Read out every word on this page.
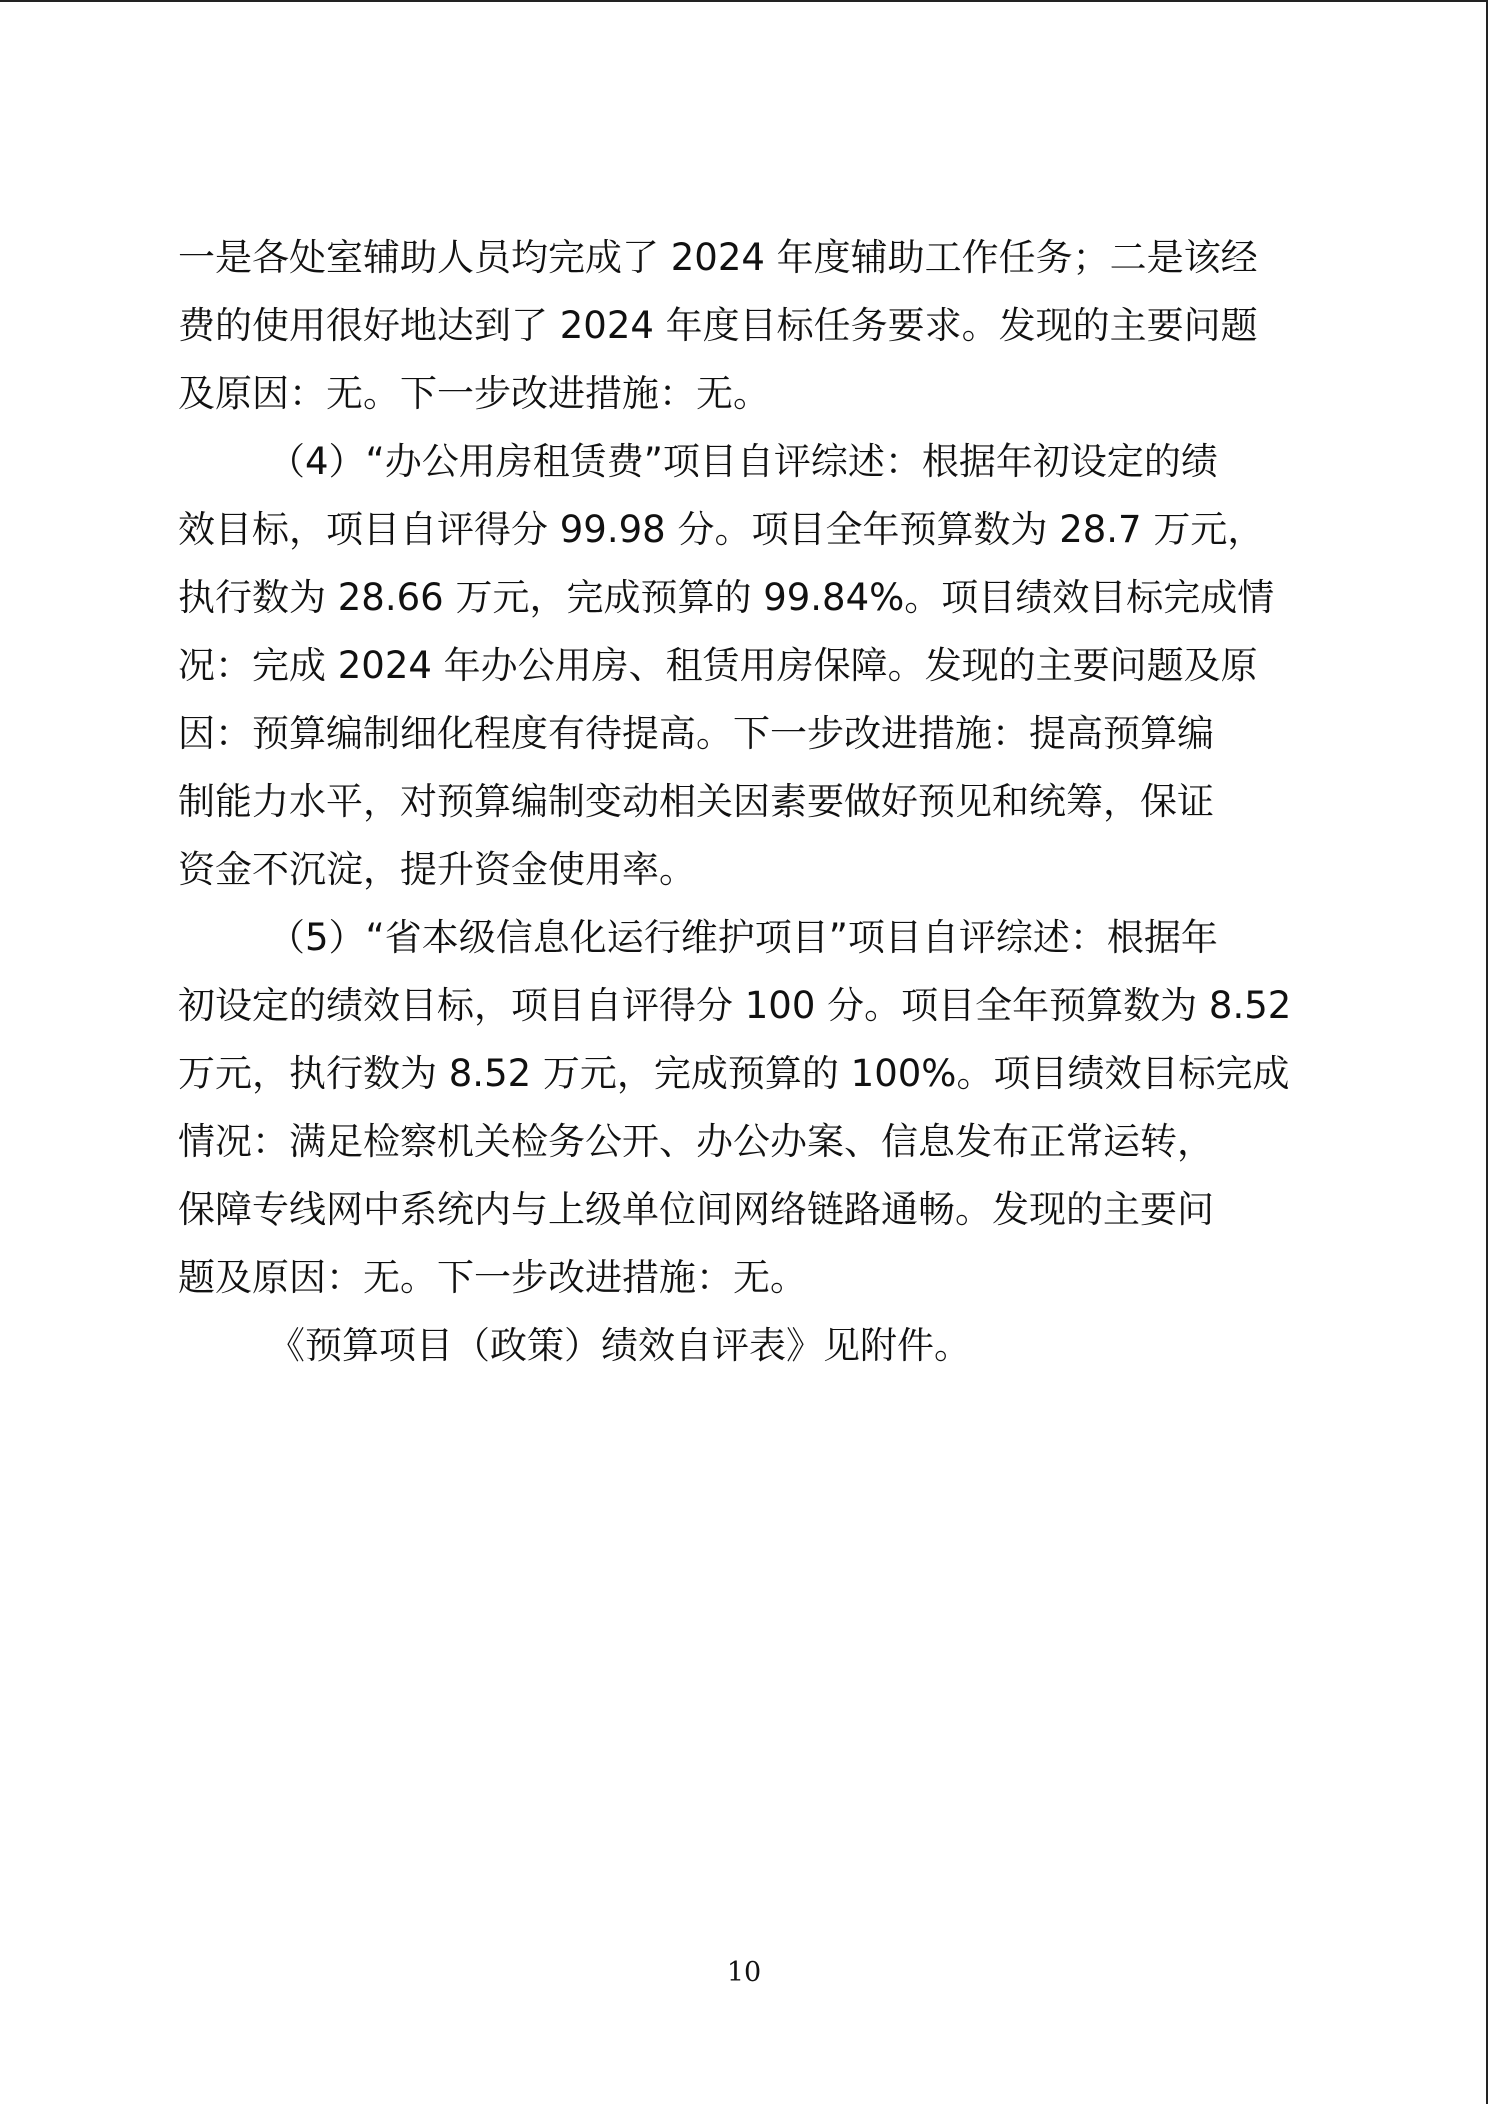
一是各处室辅助人员均完成了 2024 年度辅助工作任务；二是该经
费的使用很好地达到了 2024 年度目标任务要求。发现的主要问题
及原因：无。下一步改进措施：无。
（4）“办公用房租赁费”项目自评综述：根据年初设定的绩
效目标，项目自评得分 99.98 分。项目全年预算数为 28.7 万元，
执行数为 28.66 万元，完成预算的 99.84%。项目绩效目标完成情
况：完成 2024 年办公用房、租赁用房保障。发现的主要问题及原
因：预算编制细化程度有待提高。下一步改进措施：提高预算编
制能力水平，对预算编制变动相关因素要做好预见和统筹，保证
资金不沉淀，提升资金使用率。
（5）“省本级信息化运行维护项目”项目自评综述：根据年
初设定的绩效目标，项目自评得分 100 分。项目全年预算数为 8.52
万元，执行数为 8.52 万元，完成预算的 100%。项目绩效目标完成
情况：满足检察机关检务公开、办公办案、信息发布正常运转，
保障专线网中系统内与上级单位间网络链路通畅。发现的主要问
题及原因：无。下一步改进措施：无。
《预算项目（政策）绩效自评表》见附件。
10
